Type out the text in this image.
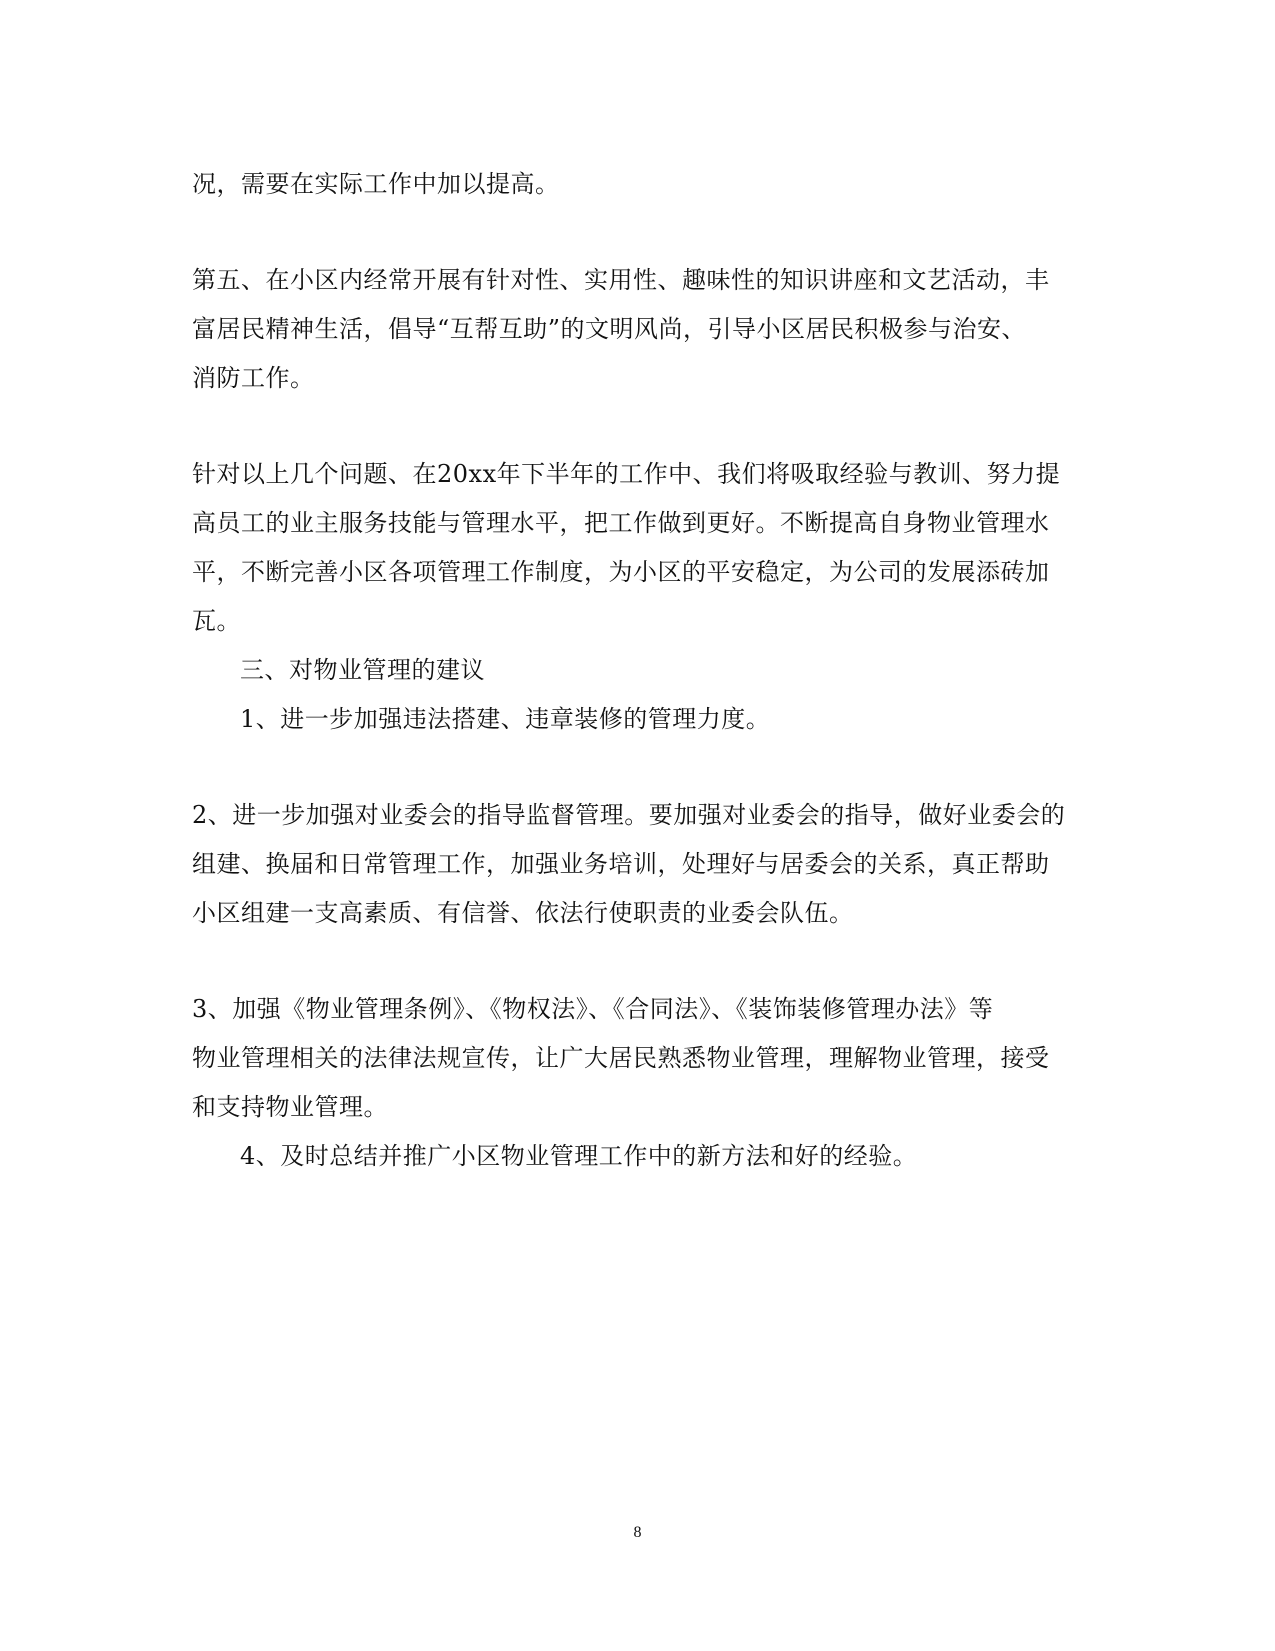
况，需要在实际工作中加以提高。
第五、在小区内经常开展有针对性、实用性、趣味性的知识讲座和文艺活动，丰
富居民精神生活，倡导“互帮互助”的文明风尚，引导小区居民积极参与治安、
消防工作。
针对以上几个问题、在20xx年下半年的工作中、我们将吸取经验与教训、努力提
高员工的业主服务技能与管理水平，把工作做到更好。不断提高自身物业管理水
平，不断完善小区各项管理工作制度，为小区的平安稳定，为公司的发展添砖加
瓦。
三、对物业管理的建议
1、进一步加强违法搭建、违章装修的管理力度。
2、进一步加强对业委会的指导监督管理。要加强对业委会的指导，做好业委会的
组建、换届和日常管理工作，加强业务培训，处理好与居委会的关系，真正帮助
小区组建一支高素质、有信誉、依法行使职责的业委会队伍。
3、加强《物业管理条例》、《物权法》、《合同法》、《装饰装修管理办法》等
物业管理相关的法律法规宣传，让广大居民熟悉物业管理，理解物业管理，接受
和支持物业管理。
4、及时总结并推广小区物业管理工作中的新方法和好的经验。
8
